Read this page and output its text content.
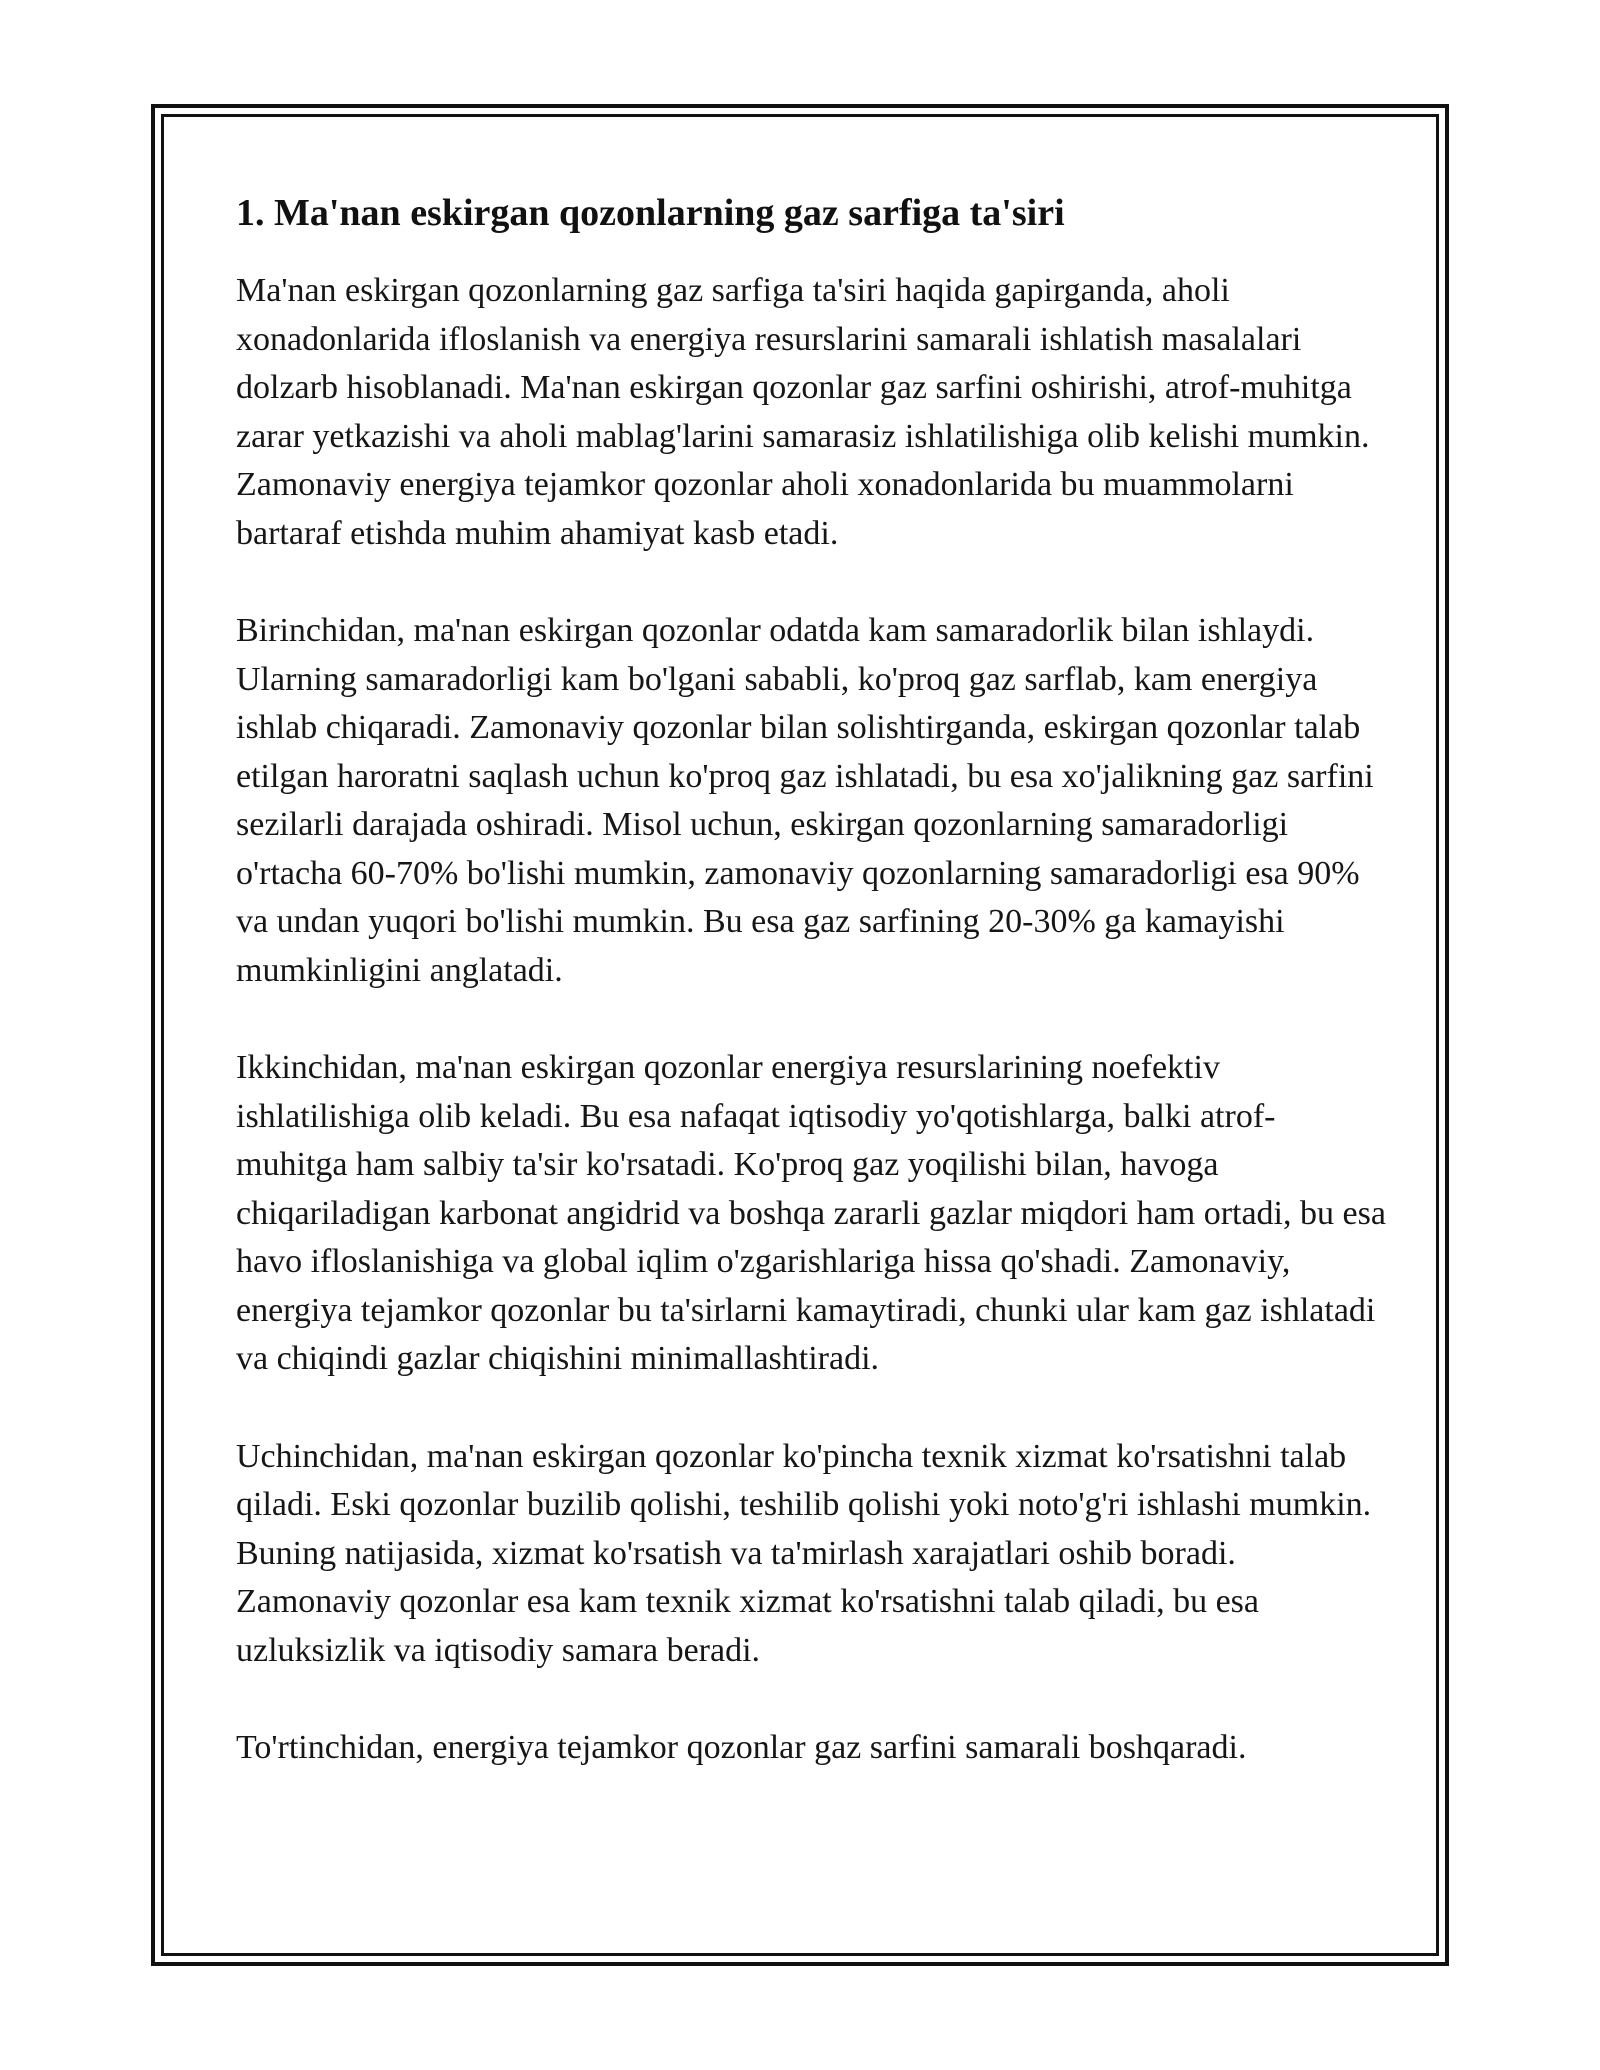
1. Ma'nan eskirgan qozonlarning gaz sarfiga ta'siri

Ma'nan eskirgan qozonlarning gaz sarfiga ta'siri haqida gapirganda, aholi xonadonlarida ifloslanish va energiya resurslarini samarali ishlatish masalalari dolzarb hisoblanadi. Ma'nan eskirgan qozonlar gaz sarfini oshirishi, atrof-muhitga zarar yetkazishi va aholi mablag'larini samarasiz ishlatilishiga olib kelishi mumkin. Zamonaviy energiya tejamkor qozonlar aholi xonadonlarida bu muammolarni bartaraf etishda muhim ahamiyat kasb etadi.

Birinchidan, ma'nan eskirgan qozonlar odatda kam samaradorlik bilan ishlaydi. Ularning samaradorligi kam bo'lgani sababli, ko'proq gaz sarflab, kam energiya ishlab chiqaradi. Zamonaviy qozonlar bilan solishtirganda, eskirgan qozonlar talab etilgan haroratni saqlash uchun ko'proq gaz ishlatadi, bu esa xo'jalikning gaz sarfini sezilarli darajada oshiradi. Misol uchun, eskirgan qozonlarning samaradorligi o'rtacha 60-70% bo'lishi mumkin, zamonaviy qozonlarning samaradorligi esa 90% va undan yuqori bo'lishi mumkin. Bu esa gaz sarfining 20-30% ga kamayishi mumkinligini anglatadi.

Ikkinchidan, ma'nan eskirgan qozonlar energiya resurslarining noefektiv ishlatilishiga olib keladi. Bu esa nafaqat iqtisodiy yo'qotishlarga, balki atrof-muhitga ham salbiy ta'sir ko'rsatadi. Ko'proq gaz yoqilishi bilan, havoga chiqariladigan karbonat angidrid va boshqa zararli gazlar miqdori ham ortadi, bu esa havo ifloslanishiga va global iqlim o'zgarishlariga hissa qo'shadi. Zamonaviy, energiya tejamkor qozonlar bu ta'sirlarni kamaytiradi, chunki ular kam gaz ishlatadi va chiqindi gazlar chiqishini minimallashtiradi.

Uchinchidan, ma'nan eskirgan qozonlar ko'pincha texnik xizmat ko'rsatishni talab qiladi. Eski qozonlar buzilib qolishi, teshilib qolishi yoki noto'g'ri ishlashi mumkin. Buning natijasida, xizmat ko'rsatish va ta'mirlash xarajatlari oshib boradi. Zamonaviy qozonlar esa kam texnik xizmat ko'rsatishni talab qiladi, bu esa uzluksizlik va iqtisodiy samara beradi.

To'rtinchidan, energiya tejamkor qozonlar gaz sarfini samarali boshqaradi.
